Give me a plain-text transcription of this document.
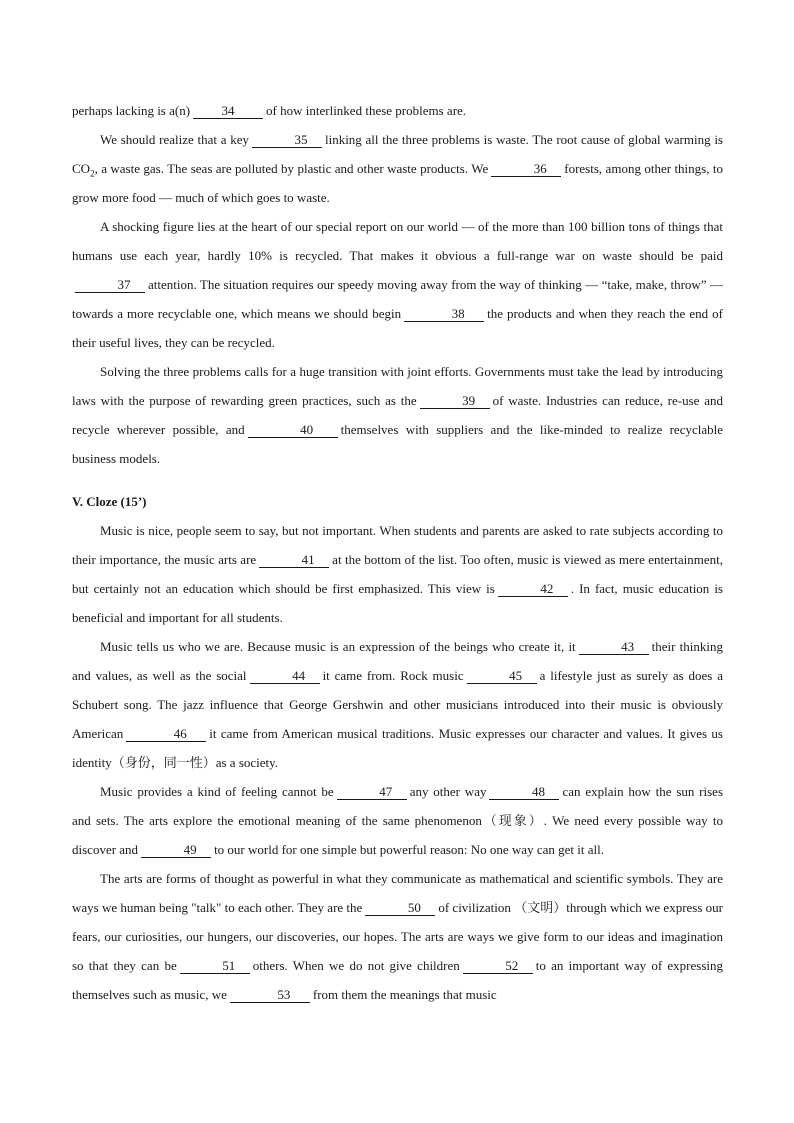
perhaps lacking is a(n) 34 of how interlinked these problems are.

We should realize that a key	35 linking all the three problems is waste. The root cause of global warming is $CO_2$, a waste gas. The seas are polluted by plastic and other waste products. We	36 forests, among other things, to grow more food — much of which goes to waste.

A shocking figure lies at the heart of our special report on our world — of the more than 100 billion tons of things that humans use each year, hardly 10% is recycled. That makes it obvious a full-range war on waste should be paid37 attention. The situation requires our speedy moving away from the way of thinking — “take, make, throw” — towards a more recyclable one, which means we should begin	38 the products and when they reach the end of their useful lives, they can be recycled.

Solving the three problems calls for a huge transition with joint efforts. Governments must take the lead by introducing laws with the purpose of rewarding green practices, such as the	39 of waste. Industries can reduce, re-use and recycle wherever possible, and	40 themselves with suppliers and the like-minded to realize recyclable business models.

V. Cloze (15’)

Music is nice, people seem to say, but not important. When students and parents are asked to rate subjects according to their importance, the music arts are	41 at the bottom of the list. Too often, music is viewed as mere entertainment, but certainly not an education which should be first emphasized. This view is	42 . In fact, music education is beneficial and important for all students.

Music tells us who we are. Because music is an expression of the beings who create it, it	43 their thinking and values, as well as the social	44 it came from. Rock music	45 a lifestyle just as surely as does a Schubert song. The jazz influence that George Gershwin and other musicians introduced into their music is obviously American	46 it came from American musical traditions. Music expresses our character and values. It gives us identity（身份，同一性）as a society.

Music provides a kind of feeling cannot be	47 any other way	48 can explain how the sun rises and sets. The arts explore the emotional meaning of the same phenomenon（现象）. We need every possible way to discover and	49 to our world for one simple but powerful reason: No one way can get it all.

The arts are forms of thought as powerful in what they communicate as mathematical and scientific symbols. They are ways we human being "talk" to each other. They are the	50 of civilization （文明）through which we express our fears, our curiosities, our hungers, our discoveries, our hopes. The arts are ways we give form to our ideas and imagination so that they can be	51 others. When we do not give children	52 to an important way of expressing themselves such as music, we	53 from them the meanings that music
